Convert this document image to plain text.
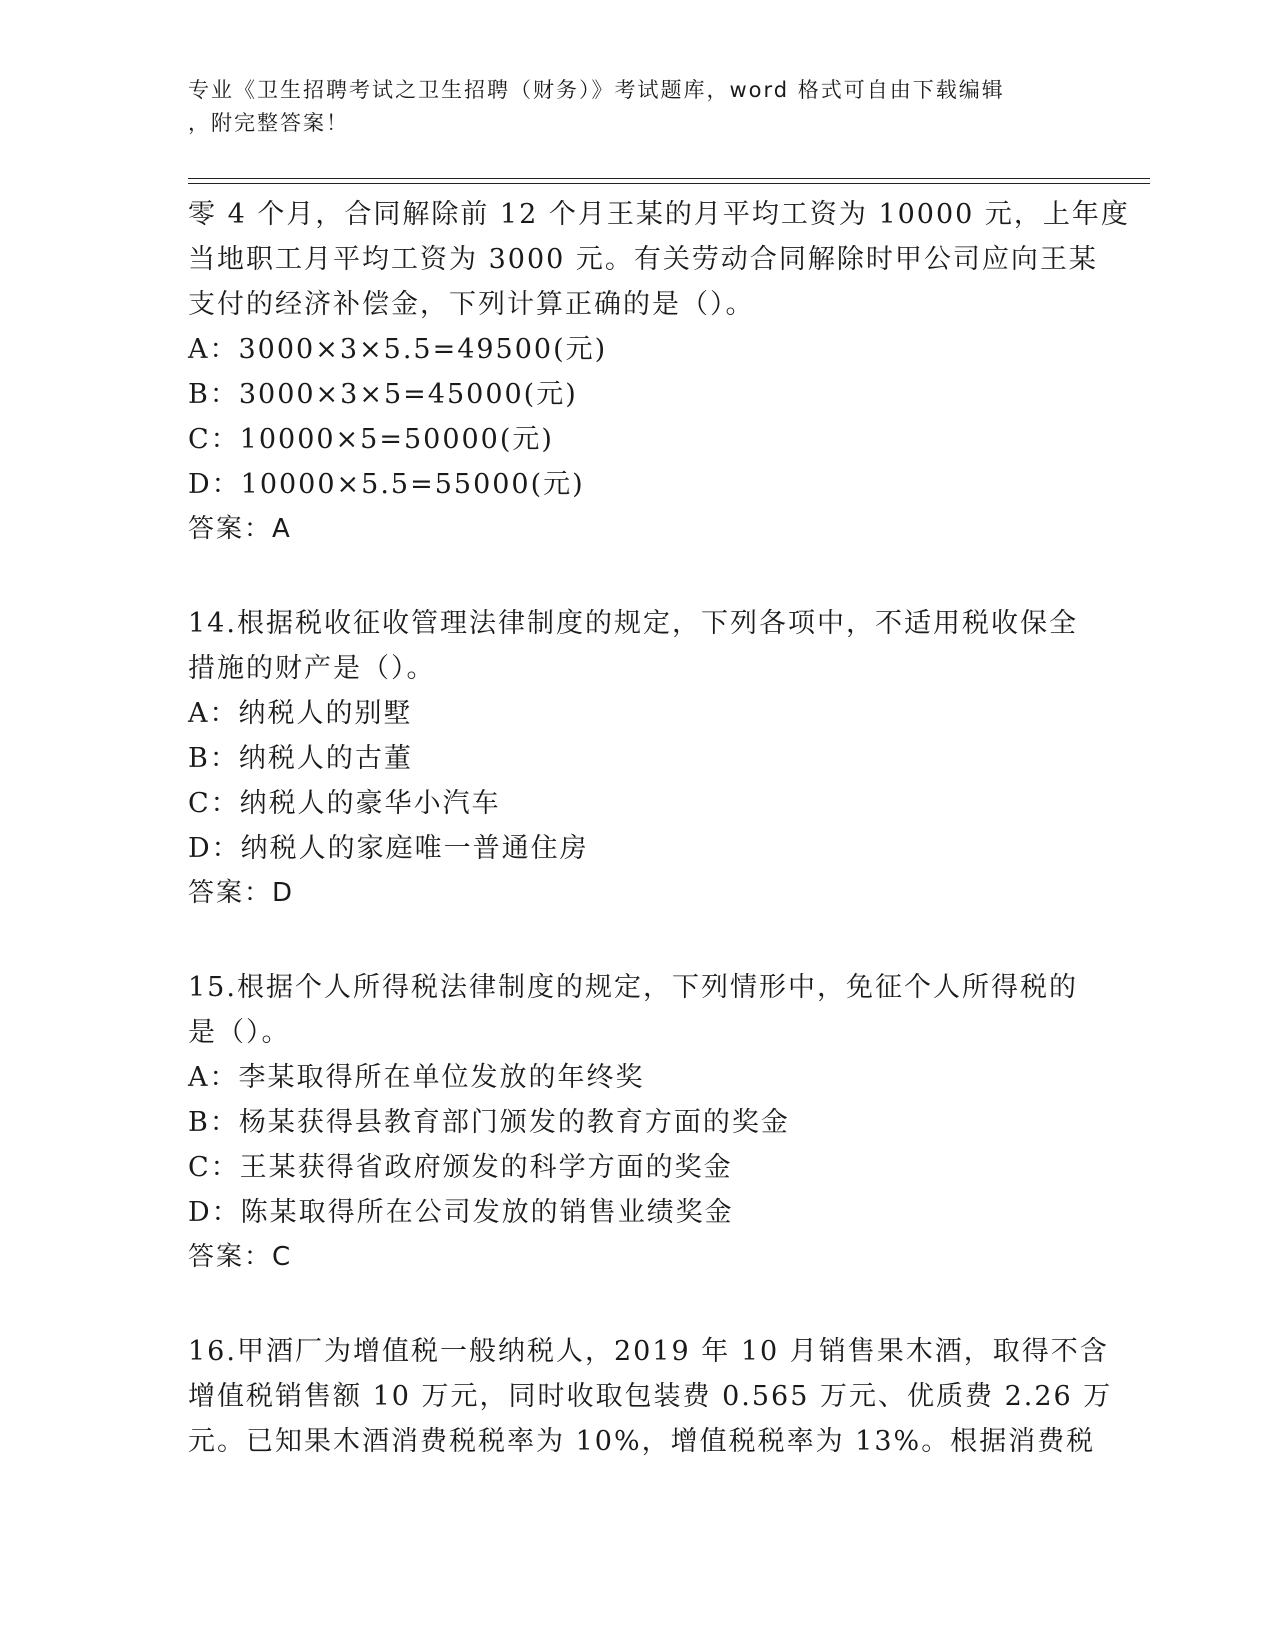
专业《卫生招聘考试之卫生招聘（财务）》考试题库，word 格式可自由下载编辑
，附完整答案！
零 4 个月，合同解除前 12 个月王某的月平均工资为 10000 元，上年度
当地职工月平均工资为 3000 元。有关劳动合同解除时甲公司应向王某
支付的经济补偿金，下列计算正确的是（）。
A：3000×3×5.5=49500(元)
B：3000×3×5=45000(元)
C：10000×5=50000(元)
D：10000×5.5=55000(元)
答案：A
14.根据税收征收管理法律制度的规定，下列各项中，不适用税收保全
措施的财产是（）。
A：纳税人的别墅
B：纳税人的古董
C：纳税人的豪华小汽车
D：纳税人的家庭唯一普通住房
答案：D
15.根据个人所得税法律制度的规定，下列情形中，免征个人所得税的
是（）。
A：李某取得所在单位发放的年终奖
B：杨某获得县教育部门颁发的教育方面的奖金
C：王某获得省政府颁发的科学方面的奖金
D：陈某取得所在公司发放的销售业绩奖金
答案：C
16.甲酒厂为增值税一般纳税人，2019 年 10 月销售果木酒，取得不含
增值税销售额 10 万元，同时收取包装费 0.565 万元、优质费 2.26 万
元。已知果木酒消费税税率为 10%，增值税税率为 13%。根据消费税
